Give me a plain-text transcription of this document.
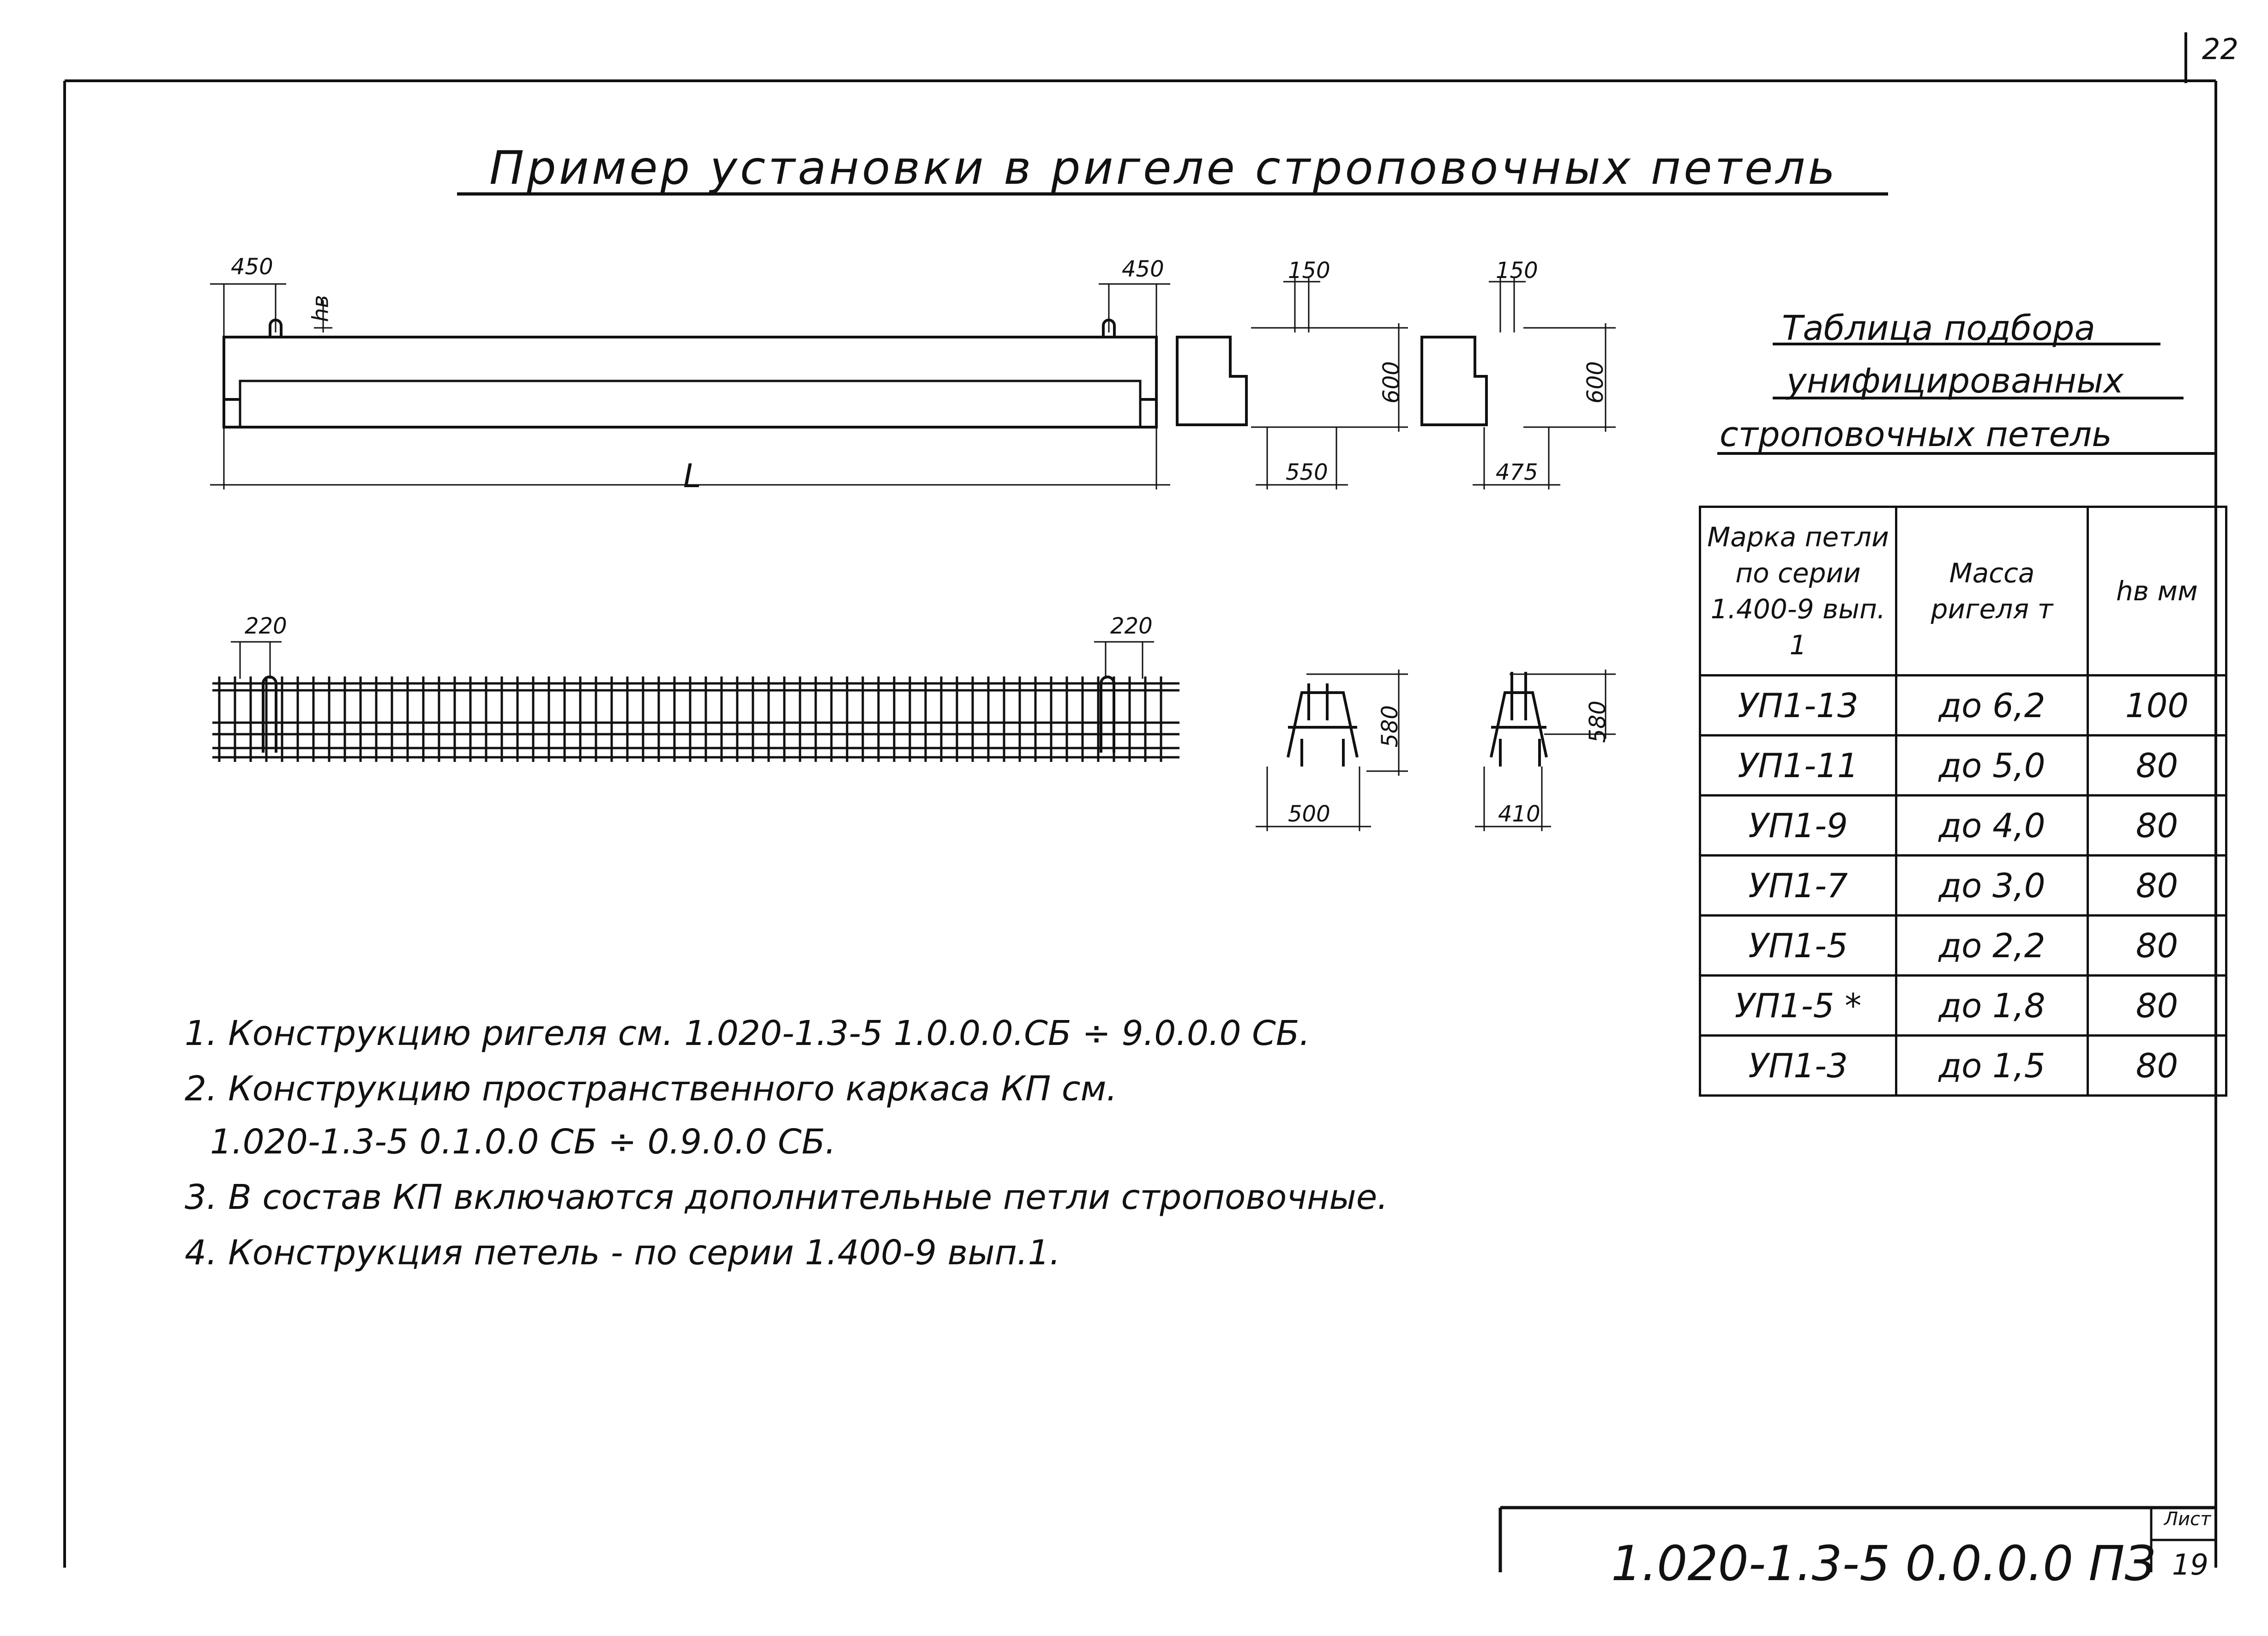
450	450
hв
L
150
600
550
150
600
475
220	220
580
500
580
410
22
Пример установки в ригеле строповочных петель
Таблица подбора
унифицированных
строповочных петель
Марка петли по серии 1.400-9 вып. 1	Масса ригеля т	hв мм
УП1-13	до 6,2	100
УП1-11	до 5,0	80
УП1-9	до 4,0	80
УП1-7	до 3,0	80
УП1-5	до 2,2	80
УП1-5 *	до 1,8	80
УП1-3	до 1,5	80
1. Конструкцию ригеля см. 1.020-1.3-5 1.0.0.0.СБ ÷ 9.0.0.0 СБ.
2. Конструкцию пространственного каркаса КП см.
1.020-1.3-5 0.1.0.0 СБ ÷ 0.9.0.0 СБ.
3. В состав КП включаются дополнительные петли строповочные.
4. Конструкция петель - по серии 1.400-9 вып.1.
1.020-1.3-5 0.0.0.0 ПЗ
Лист
19
